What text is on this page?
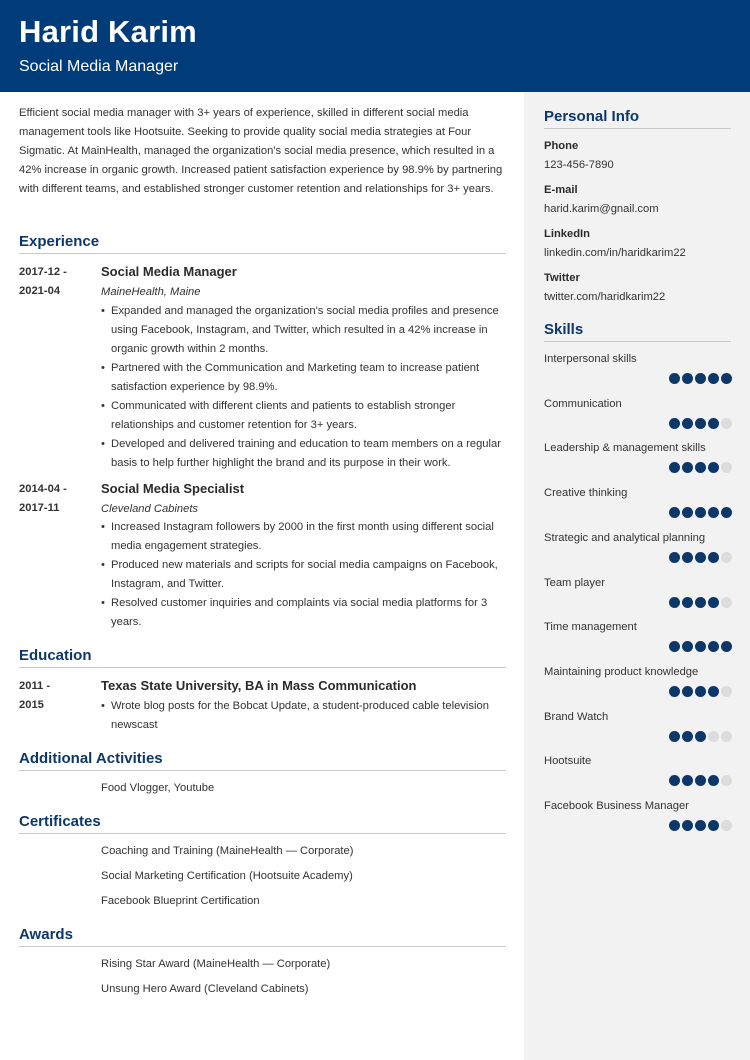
Harid Karim
Social Media Manager

Efficient social media manager with 3+ years of experience, skilled in different social media management tools like Hootsuite. Seeking to provide quality social media strategies at Four Sigmatic. At MainHealth, managed the organization's social media presence, which resulted in a 42% increase in organic growth. Increased patient satisfaction experience by 98.9% by partnering with different teams, and established stronger customer retention and relationships for 3+ years.

Experience
2017-12 -
2021-04
Social Media Manager
MaineHealth, Maine
• Expanded and managed the organization's social media profiles and presence using Facebook, Instagram, and Twitter, which resulted in a 42% increase in organic growth within 2 months.
• Partnered with the Communication and Marketing team to increase patient satisfaction experience by 98.9%.
• Communicated with different clients and patients to establish stronger relationships and customer retention for 3+ years.
• Developed and delivered training and education to team members on a regular basis to help further highlight the brand and its purpose in their work.
2014-04 -
2017-11
Social Media Specialist
Cleveland Cabinets
• Increased Instagram followers by 2000 in the first month using different social media engagement strategies.
• Produced new materials and scripts for social media campaigns on Facebook, Instagram, and Twitter.
• Resolved customer inquiries and complaints via social media platforms for 3 years.
Education
2011 -
2015
Texas State University, BA in Mass Communication
• Wrote blog posts for the Bobcat Update, a student-produced cable television newscast
Additional Activities
Food Vlogger, Youtube
Certificates
Coaching and Training (MaineHealth — Corporate)
Social Marketing Certification (Hootsuite Academy)
Facebook Blueprint Certification
Awards
Rising Star Award (MaineHealth — Corporate)
Unsung Hero Award (Cleveland Cabinets)
Personal Info
Phone
123-456-7890
E-mail
harid.karim@gnail.com
LinkedIn
linkedin.com/in/haridkarim22
Twitter
twitter.com/haridkarim22
Skills
Interpersonal skills
Communication
Leadership & management skills
Creative thinking
Strategic and analytical planning
Team player
Time management
Maintaining product knowledge
Brand Watch
Hootsuite
Facebook Business Manager
